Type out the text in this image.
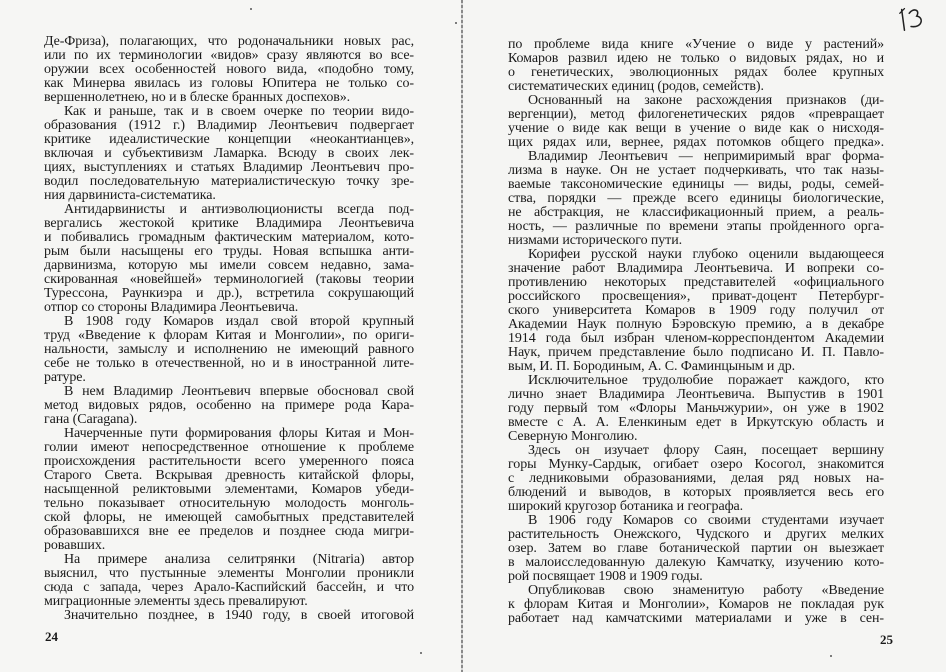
Де-Фриза), полагающих, что родоначальники новых рас,
или по их терминологии «видов» сразу являются во все-
оружии всех особенностей нового вида, «подобно тому,
как Минерва явилась из головы Юпитера не только со-
вершеннолетнею, но и в блеске бранных доспехов».
Как и раньше, так и в своем очерке по теории видо-
образования (1912 г.) Владимир Леонтьевич подвергает
критике идеалистические концепции «неокантианцев»,
включая и субъективизм Ламарка. Всюду в своих лек-
циях, выступлениях и статьях Владимир Леонтьевич про-
водил последовательную материалистическую точку зре-
ния дарвиниста-систематика.
Антидарвинисты и антиэволюционисты всегда под-
вергались жестокой критике Владимира Леонтьевича
и побивались громадным фактическим материалом, кото-
рым были насыщены его труды. Новая вспышка анти-
дарвинизма, которую мы имели совсем недавно, зама-
скированная «новейшей» терминологией (таковы теории
Турессона, Раункиэра и др.), встретила сокрушающий
отпор со стороны Владимира Леонтьевича.
В 1908 году Комаров издал свой второй крупный
труд «Введение к флорам Китая и Монголии», по ориги-
нальности, замыслу и исполнению не имеющий равного
себе не только в отечественной, но и в иностранной лите-
ратуре.
В нем Владимир Леонтьевич впервые обосновал свой
метод видовых рядов, особенно на примере рода Кара-
гана (Caragana).
Начерченные пути формирования флоры Китая и Мон-
голии имеют непосредственное отношение к проблеме
происхождения растительности всего умеренного пояса
Старого Света. Вскрывая древность китайской флоры,
насыщенной реликтовыми элементами, Комаров убеди-
тельно показывает относительную молодость монголь-
ской флоры, не имеющей самобытных представителей
образовавшихся вне ее пределов и позднее сюда мигри-
ровавших.
На примере анализа селитрянки (Nitraria) автор
выяснил, что пустынные элементы Монголии проникли
сюда с запада, через Арало-Каспийский бассейн, и что
миграционные элементы здесь превалируют.
Значительно позднее, в 1940 году, в своей итоговой
24
по проблеме вида книге «Учение о виде у растений»
Комаров развил идею не только о видовых рядах, но и
о генетических, эволюционных рядах более крупных
систематических единиц (родов, семейств).
Основанный на законе расхождения признаков (ди-
вергенции), метод филогенетических рядов «превращает
учение о виде как вещи в учение о виде как о нисходя-
щих рядах или, вернее, рядах потомков общего предка».
Владимир Леонтьевич — непримиримый враг форма-
лизма в науке. Он не устает подчеркивать, что так назы-
ваемые таксономические единицы — виды, роды, семей-
ства, порядки — прежде всего единицы биологические,
не абстракция, не классификационный прием, а реаль-
ность, — различные по времени этапы пройденного орга-
низмами исторического пути.
Корифеи русской науки глубоко оценили выдающееся
значение работ Владимира Леонтьевича. И вопреки со-
противлению некоторых представителей «официального
российского просвещения», приват-доцент Петербург-
ского университета Комаров в 1909 году получил от
Академии Наук полную Бэровскую премию, а в декабре
1914 года был избран членом-корреспондентом Академии
Наук, причем представление было подписано И. П. Павло-
вым, И. П. Бородиным, А. С. Фаминцыным и др.
Исключительное трудолюбие поражает каждого, кто
лично знает Владимира Леонтьевича. Выпустив в 1901
году первый том «Флоры Маньчжурии», он уже в 1902
вместе с А. А. Еленкиным едет в Иркутскую область и
Северную Монголию.
Здесь он изучает флору Саян, посещает вершину
горы Мунку-Сардык, огибает озеро Косогол, знакомится
с ледниковыми образованиями, делая ряд новых на-
блюдений и выводов, в которых проявляется весь его
широкий кругозор ботаника и географа.
В 1906 году Комаров со своими студентами изучает
растительность Онежского, Чудского и других мелких
озер. Затем во главе ботанической партии он выезжает
в малоисследованную далекую Камчатку, изучению кото-
рой посвящает 1908 и 1909 годы.
Опубликовав свою знаменитую работу «Введение
к флорам Китая и Монголии», Комаров не покладая рук
работает над камчатскими материалами и уже в сен-
25
